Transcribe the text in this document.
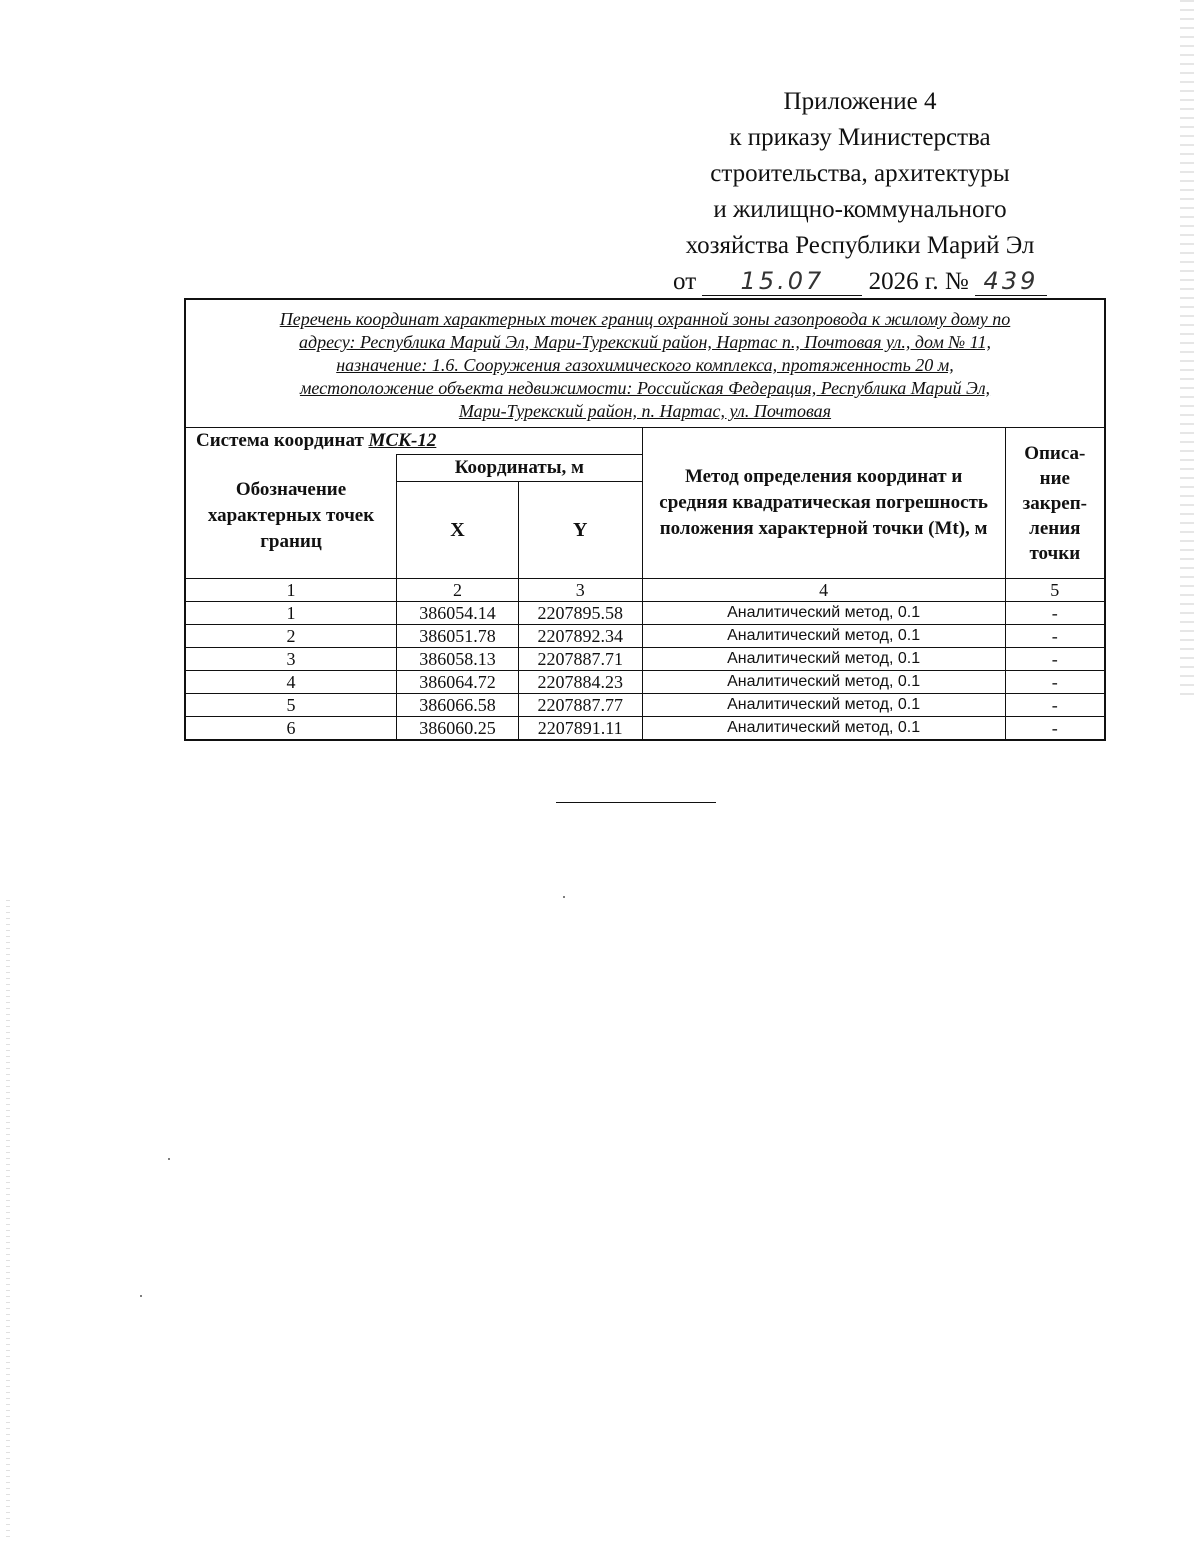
Приложение 4
к приказу Министерства
строительства, архитектуры
и жилищно-коммунального
хозяйства Республики Марий Эл
от 15.07 2026 г. № 439
Перечень координат характерных точек границ охранной зоны газопровода к жилому дому по
адресу: Республика Марий Эл, Мари-Турекский район, Нартас п., Почтовая ул., дом № 11,
назначение: 1.6. Сооружения газохимического комплекса, протяженность 20 м,
местоположение объекта недвижимости: Российская Федерация, Республика Марий Эл,
Мари-Турекский район, п. Нартас, ул. Почтовая				

Система координат МСК-12			Метод определения координат и средняя квадратическая погрешность положения характерной точки (Mt), м	Описа- ние закреп- ления точки
Обозначение характерных точек границ	Координаты, м			
	X	Y		
1	2	3	4	5
1	386054.14	2207895.58	Аналитический метод, 0.1	-
2	386051.78	2207892.34	Аналитический метод, 0.1	-
3	386058.13	2207887.71	Аналитический метод, 0.1	-
4	386064.72	2207884.23	Аналитический метод, 0.1	-
5	386066.58	2207887.77	Аналитический метод, 0.1	-
6	386060.25	2207891.11	Аналитический метод, 0.1	-
